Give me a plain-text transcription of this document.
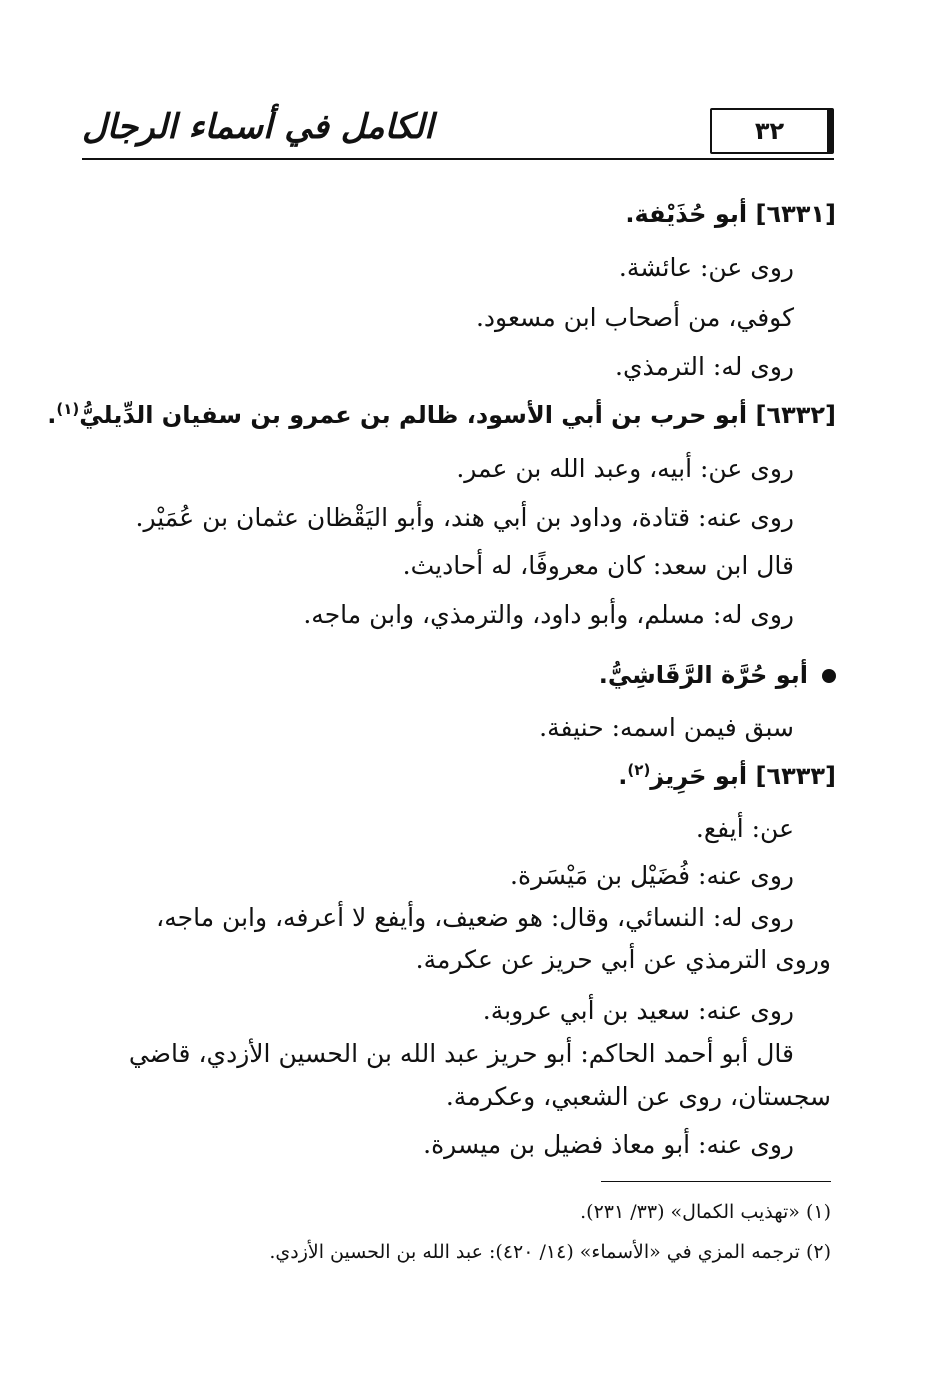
٣٢
الكامل في أسماء الرجال
[٦٣٣١] أبو حُذَيْفة.
روى عن: عائشة.
كوفي، من أصحاب ابن مسعود.
روى له: الترمذي.
[٦٣٣٢] أبو حرب بن أبي الأسود، ظالم بن عمرو بن سفيان الدِّيليُّ$^{(١)}$.
روى عن: أبيه، وعبد الله بن عمر.
روى عنه: قتادة، وداود بن أبي هند، وأبو اليَقْظان عثمان بن عُمَيْر.
قال ابن سعد: كان معروفًا، له أحاديث.
روى له: مسلم، وأبو داود، والترمذي، وابن ماجه.
أبو حُرَّة الرَّقَاشِيُّ.
سبق فيمن اسمه: حنيفة.
[٦٣٣٣] أبو حَرِيز$^{(٢)}$.
عن: أيفع.
روى عنه: فُضَيْل بن مَيْسَرة.
روى له: النسائي، وقال: هو ضعيف، وأيفع لا أعرفه، وابن ماجه،
وروى الترمذي عن أبي حريز عن عكرمة.
روى عنه: سعيد بن أبي عروبة.
قال أبو أحمد الحاكم: أبو حريز عبد الله بن الحسين الأزدي، قاضي
سجستان، روى عن الشعبي، وعكرمة.
روى عنه: أبو معاذ فضيل بن ميسرة.
(١) «تهذيب الكمال» (٣٣/ ٢٣١).
(٢) ترجمه المزي في «الأسماء» (١٤/ ٤٢٠): عبد الله بن الحسين الأزدي.
